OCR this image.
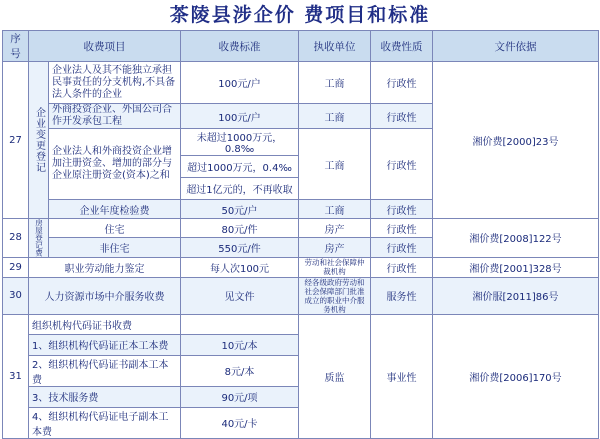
茶陵县涉企价 费项目和标准
序号	收费项目		收费标准	执收单位	收费性质	文件依据
27	企业变更登记	企业法人及其不能独立承担民事责任的分支机构,不具备法人条件的企业	100元/户	工商	行政性	湘价费[2000]23号
		外商投资企业、外国公司合作开发承包工程	100元/户	工商	行政性	
		企业法人和外商投资企业增加注册资金、增加的部分与企业原注册资金(资本)之和	未超过1000万元，0.8‰	工商	行政性	
			超过1000万元，0.4‰			
			超过1亿元的，不再收取			
		企业年度检验费	50元/户	工商	行政性	
28	房屋登记费	住宅	80元/件	房产	行政性	湘价费[2008]122号
		非住宅	550元/件	房产	行政性	
29	职业劳动能力鉴定		每人次100元	劳动和社会保障仲裁机构	行政性	湘价费[2001]328号
30	人力资源市场中介服务收费		见文件	经各级政府劳动和社会保障部门批准成立的职业中介服务机构	服务性	湘价服[2011]86号
31	组织机构代码证书收费			质监	事业性	湘价费[2006]170号
	1、组织机构代码证正本工本费		10元/本			
	2、组织机构代码证书副本工本费		8元/本			
	3、技术服务费		90元/项			
	4、组织机构代码证电子副本工本费		40元/卡			
